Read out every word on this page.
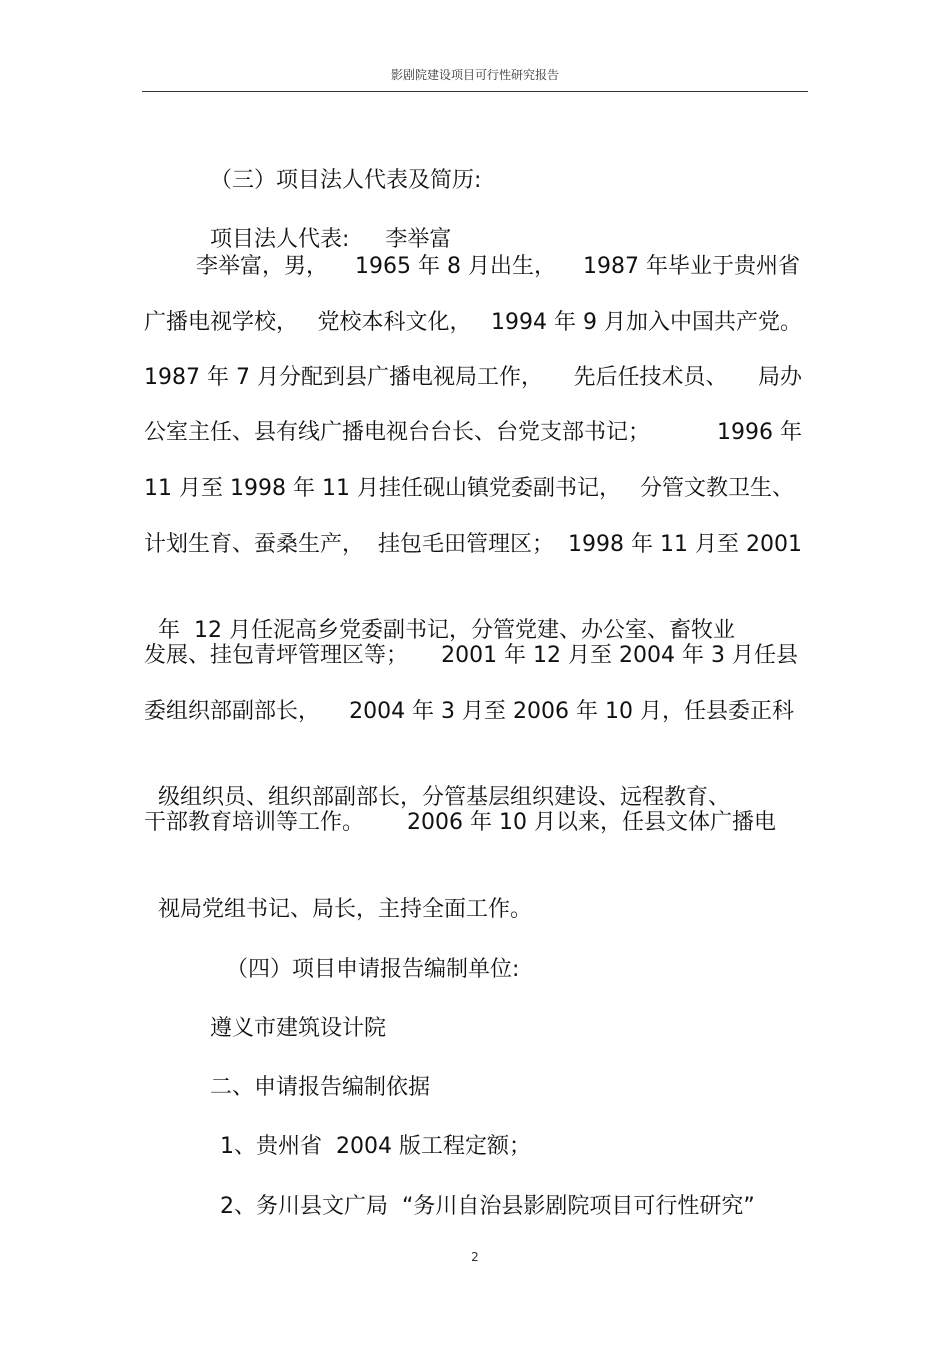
影剧院建设项目可行性研究报告

（三）项目法人代表及简历:

项目法人代表: 李举富

李举富，男， 1965 年 8 月出生， 1987 年毕业于贵州省
广播电视学校， 党校本科文化， 1994 年 9 月加入中国共产党。
1987 年 7 月分配到县广播电视局工作， 先后任技术员、 局办
公室主任、县有线广播电视台台长、台党支部书记；	1996 年
11 月至 1998 年 11 月挂任砚山镇党委副书记， 分管文教卫生、
计划生育、蚕桑生产， 挂包毛田管理区； 1998 年 11 月至 2001

年  12 月任泥高乡党委副书记，分管党建、办公室、畜牧业

发展、挂包青坪管理区等； 2001 年 12 月至 2004 年 3 月任县
委组织部副部长， 2004 年 3 月至 2006 年 10 月，任县委正科

级组织员、组织部副部长，分管基层组织建设、远程教育、

干部教育培训等工作。 2006 年 10 月以来，任县文体广播电

视局党组书记、局长，主持全面工作。

（四）项目申请报告编制单位:

遵义市建筑设计院

二、申请报告编制依据

1、贵州省  2004 版工程定额；

2、务川县文广局  “务川自治县影剧院项目可行性研究”

2
